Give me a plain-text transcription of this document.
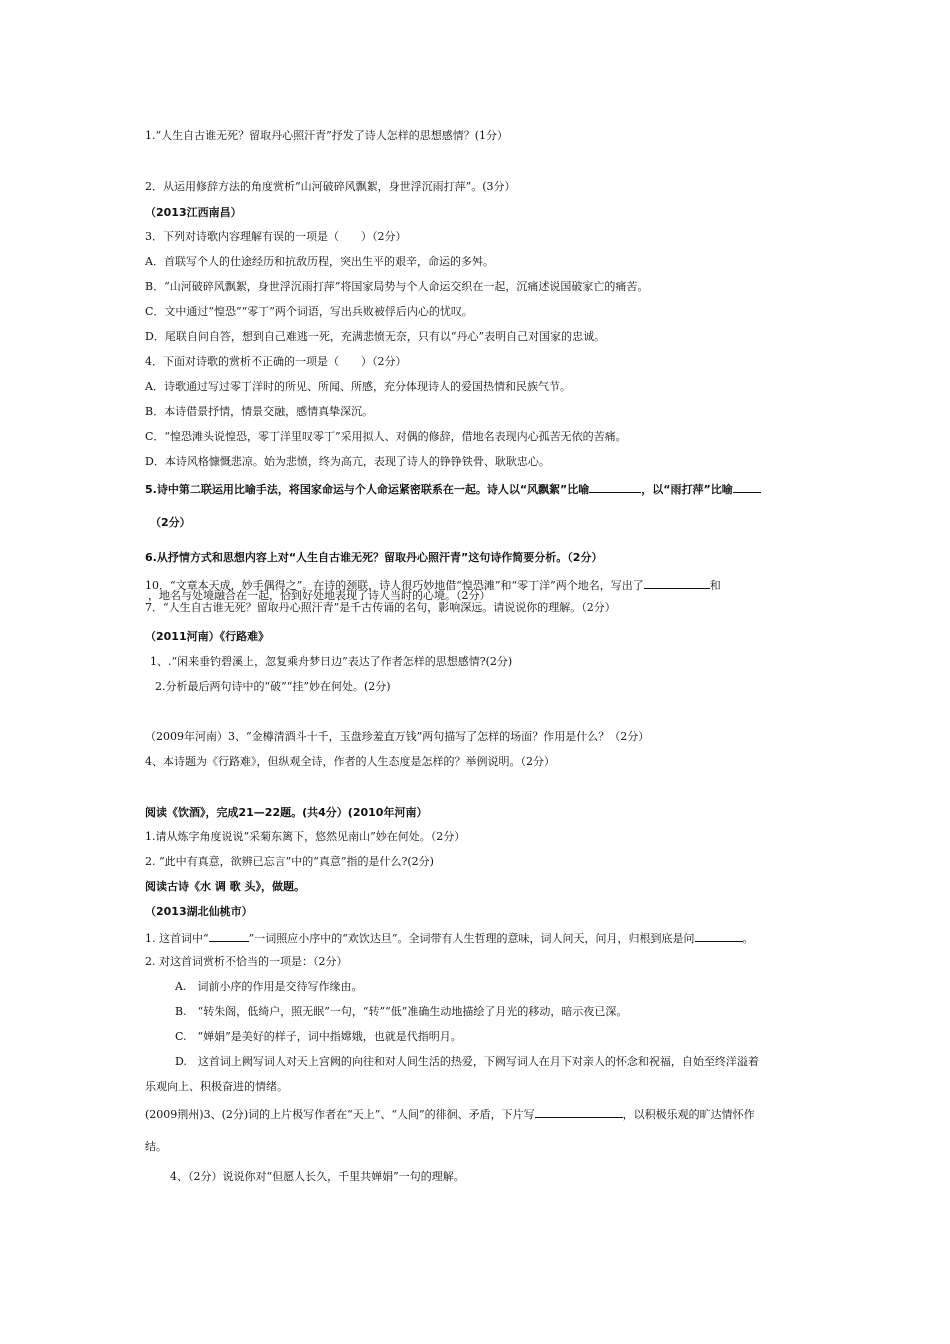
1.“人生自古谁无死？留取丹心照汗青”抒发了诗人怎样的思想感情？(1分）
2．从运用修辞方法的角度赏析“山河破碎风飘絮，身世浮沉雨打萍”。(3分）
（2013江西南昌）
3．下列对诗歌内容理解有误的一项是（　　）（2分）
A．首联写个人的仕途经历和抗敌历程，突出生平的艰辛，命运的多舛。
B．“山河破碎风飘絮，身世浮沉雨打萍”将国家局势与个人命运交织在一起，沉痛述说国破家亡的痛苦。
C．文中通过“惶恐”“零丁”两个词语，写出兵败被俘后内心的忧叹。
D．尾联自问自答，想到自己难逃一死，充满悲愤无奈，只有以“丹心”表明自己对国家的忠诚。
4．下面对诗歌的赏析不正确的一项是（　　）（2分）
A．诗歌通过写过零丁洋时的所见、所闻、所感，充分体现诗人的爱国热情和民族气节。
B．本诗借景抒情，情景交融，感情真挚深沉。
C．“惶恐滩头说惶恐，零丁洋里叹零丁”采用拟人、对偶的修辞，借地名表现内心孤苦无依的苦痛。
D．本诗风格慷慨悲凉。始为悲愤，终为高亢，表现了诗人的铮铮铁骨、耿耿忠心。
5.诗中第二联运用比喻手法，将国家命运与个人命运紧密联系在一起。诗人以“风飘絮”比喻	，以“雨打萍”比喻
（2分）
6.从抒情方式和思想内容上对“人生自古谁无死？留取丹心照汗青”这句诗作简要分析。（2分）
10．“文章本天成，妙手偶得之”。在诗的颈联，诗人很巧妙地借“惶恐滩”和“零丁洋”两个地名，写出了	和
，地名与处境融合在一起，恰到好处地表现了诗人当时的心境。（2分）
7．“人生自古谁无死？留取丹心照汗青”是千古传诵的名句，影响深远。请说说你的理解。（2分）
（2011河南）《行路难》
1、.“闲来垂钓碧溪上，忽复乘舟梦日边”表达了作者怎样的思想感情?(2分)
2.分析最后两句诗中的“破”“挂”妙在何处。(2分)
（2009年河南）3、“金樽清酒斗十千，玉盘珍羞直万钱”两句描写了怎样的场面？作用是什么？（2分）
4、本诗题为《行路难》，但纵观全诗，作者的人生态度是怎样的？举例说明。（2分）
阅读《饮酒》，完成21—22题。(共4分）(2010年河南）
1.请从炼字角度说说“采菊东篱下，悠然见南山”妙在何处。（2分）
2. “此中有真意，欲辨已忘言”中的“真意”指的是什么?(2分)
阅读古诗《水 调 歌 头》，做题。
（2013湖北仙桃市）
1. 这首词中“	”一词照应小序中的“欢饮达旦”。全词带有人生哲理的意味，词人问天，问月，归根到底是问	。
2. 对这首词赏析不恰当的一项是：（2分）
A.　词前小序的作用是交待写作缘由。
B.　“转朱阁，低绮户，照无眠”一句，“转”“低”准确生动地描绘了月光的移动，暗示夜已深。
C.　“婵娟”是美好的样子，词中指嫦娥，也就是代指明月。
D.　这首词上阙写词人对天上宫阙的向往和对人间生活的热爱，下阙写词人在月下对亲人的怀念和祝福，自始至终洋溢着
乐观向上、积极奋进的情绪。
(2009荆州)3、(2分)词的上片极写作者在“天上”、“人间”的徘徊、矛盾，下片写	，以积极乐观的旷达情怀作
结。
4、（2分）说说你对“但愿人长久，千里共婵娟”一句的理解。
